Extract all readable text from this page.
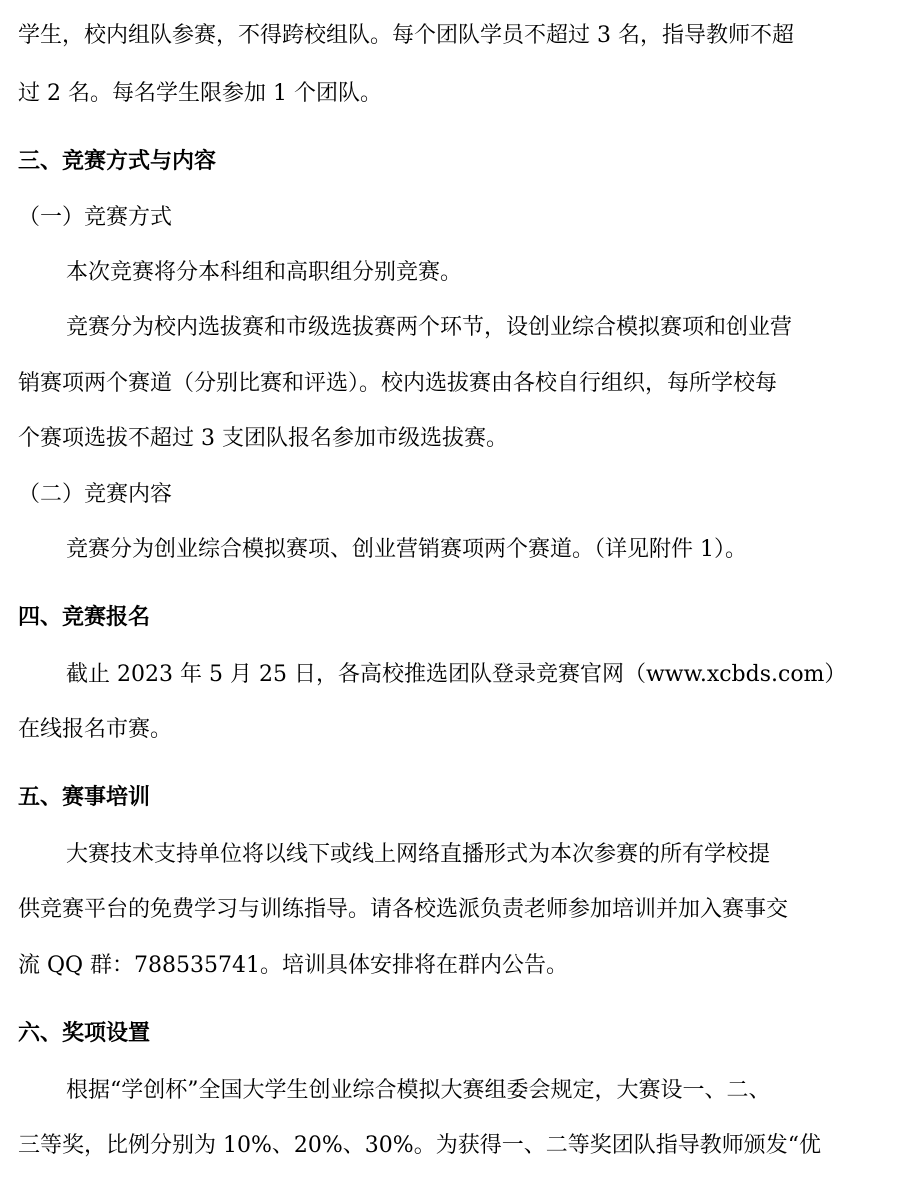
学生，校内组队参赛，不得跨校组队。每个团队学员不超过 3 名，指导教师不超
过 2 名。每名学生限参加 1 个团队。
三、竞赛方式与内容
（一）竞赛方式
本次竞赛将分本科组和高职组分别竞赛。
竞赛分为校内选拔赛和市级选拔赛两个环节，设创业综合模拟赛项和创业营
销赛项两个赛道（分别比赛和评选）。校内选拔赛由各校自行组织，每所学校每
个赛项选拔不超过 3 支团队报名参加市级选拔赛。
（二）竞赛内容
竞赛分为创业综合模拟赛项、创业营销赛项两个赛道。（详见附件 1）。
四、竞赛报名
截止 2023 年 5 月 25 日，各高校推选团队登录竞赛官网（www.xcbds.com）
在线报名市赛。
五、赛事培训
大赛技术支持单位将以线下或线上网络直播形式为本次参赛的所有学校提
供竞赛平台的免费学习与训练指导。请各校选派负责老师参加培训并加入赛事交
流 QQ 群：788535741。培训具体安排将在群内公告。
六、奖项设置
根据“学创杯”全国大学生创业综合模拟大赛组委会规定，大赛设一、二、
三等奖，比例分别为 10%、20%、30%。为获得一、二等奖团队指导教师颁发“优
